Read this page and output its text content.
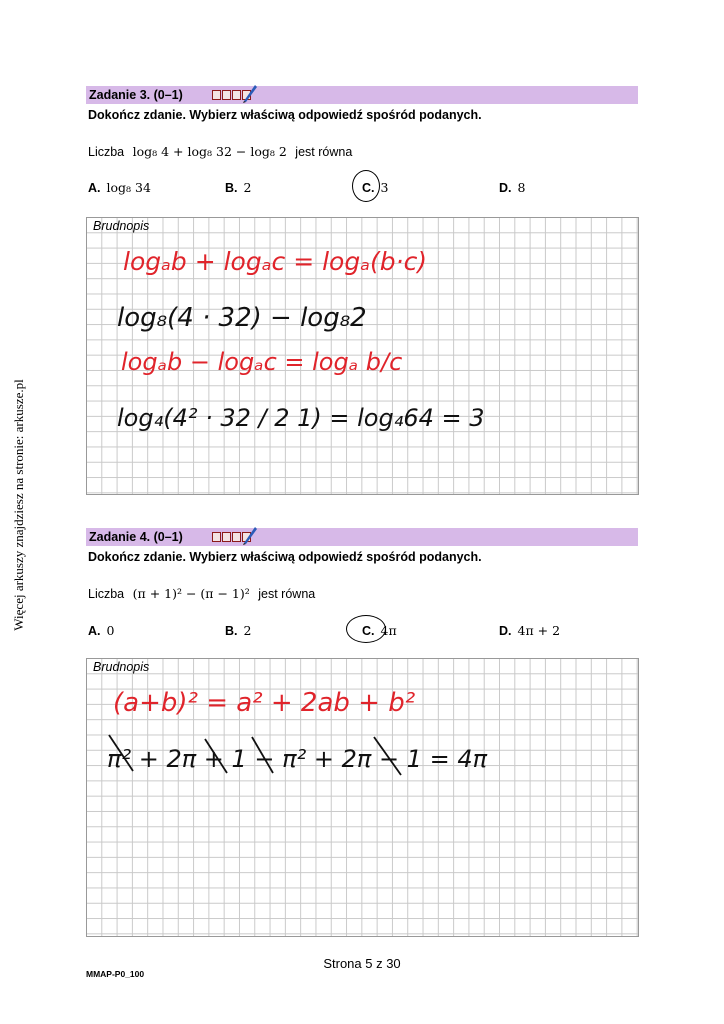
Więcej arkuszy znajdziesz na stronie: arkusze.pl
Zadanie 3. (0–1)
Dokończ zdanie. Wybierz właściwą odpowiedź spośród podanych.
Liczba log₈ 4 + log₈ 32 − log₈ 2 jest równa
A. log₈ 34	B. 2	C. 3	D. 8
Brudnopis
logₐb + logₐc = logₐ(b·c)
log₈(4 · 32) − log₈2
logₐb − logₐc = logₐ b/c
log₄(4² · 32 / 2 1) = log₄64 = 3
Zadanie 4. (0–1)
Dokończ zdanie. Wybierz właściwą odpowiedź spośród podanych.
Liczba (π + 1)² − (π − 1)² jest równa
A. 0	B. 2	C. 4π	D. 4π + 2
Brudnopis
(a+b)² = a² + 2ab + b²
π² + 2π + 1 − π² + 2π − 1 = 4π
Strona 5 z 30
MMAP-P0_100
